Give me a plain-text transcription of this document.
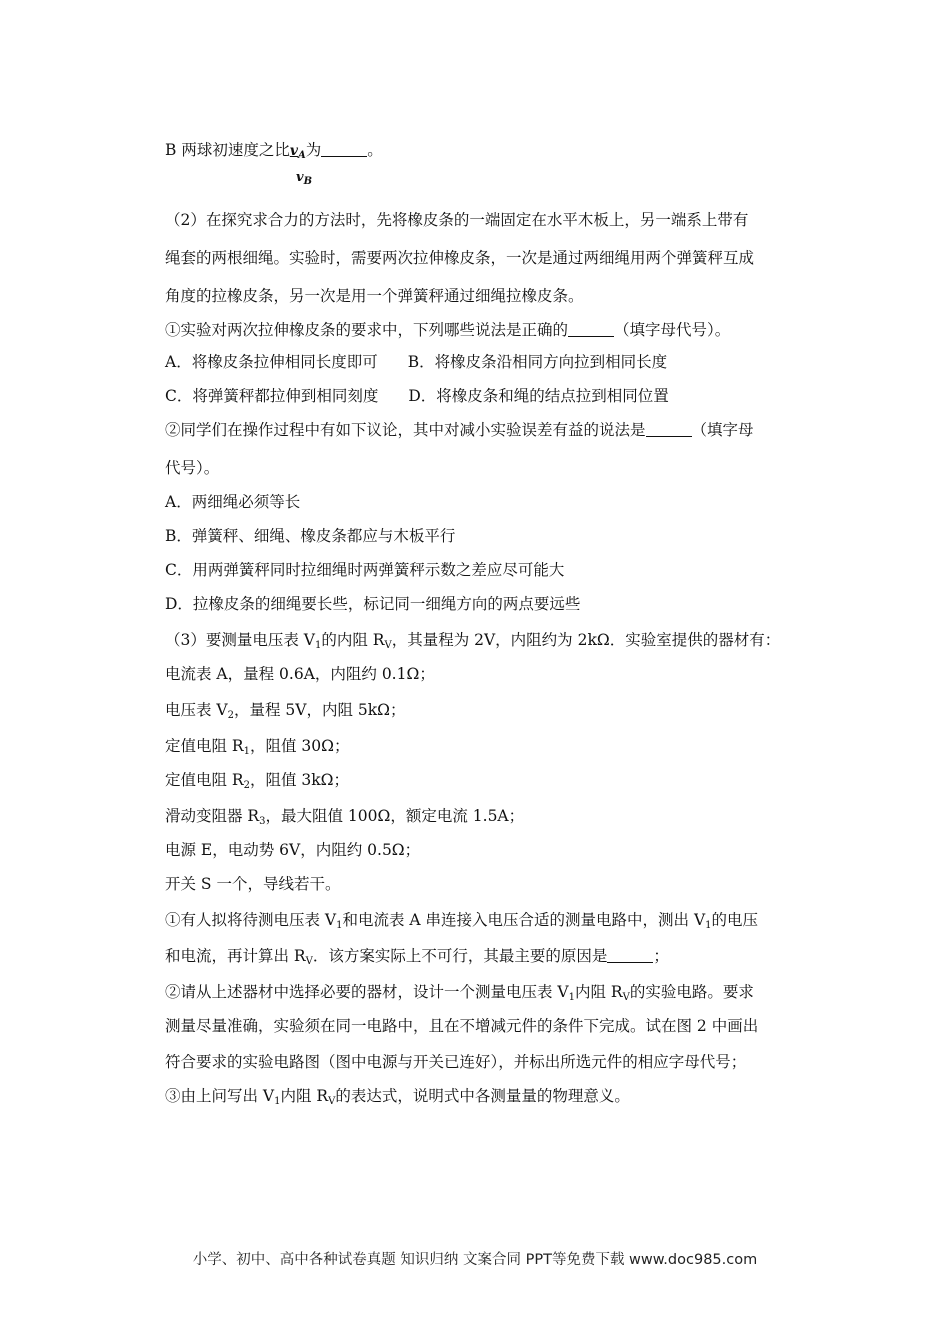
B 两球初速度之比$v_A$为	。
$v_B$
（2）在探究求合力的方法时，先将橡皮条的一端固定在水平木板上，另一端系上带有
绳套的两根细绳。实验时，需要两次拉伸橡皮条，一次是通过两细绳用两个弹簧秤互成
角度的拉橡皮条，另一次是用一个弹簧秤通过细绳拉橡皮条。
①实验对两次拉伸橡皮条的要求中，下列哪些说法是正确的	（填字母代号）。
A．将橡皮条拉伸相同长度即可 B．将橡皮条沿相同方向拉到相同长度
C．将弹簧秤都拉伸到相同刻度 D．将橡皮条和绳的结点拉到相同位置
②同学们在操作过程中有如下议论，其中对减小实验误差有益的说法是	（填字母
代号）。
A．两细绳必须等长
B．弹簧秤、细绳、橡皮条都应与木板平行
C．用两弹簧秤同时拉细绳时两弹簧秤示数之差应尽可能大
D．拉橡皮条的细绳要长些，标记同一细绳方向的两点要远些
（3）要测量电压表 $V_1$的内阻 $R_V$，其量程为 2V，内阻约为 2kΩ．实验室提供的器材有：
电流表 A，量程 0.6A，内阻约 0.1Ω；
电压表 $V_2$，量程 5V，内阻 5kΩ；
定值电阻 $R_1$，阻值 30Ω；
定值电阻 $R_2$，阻值 3kΩ；
滑动变阻器 $R_3$，最大阻值 100Ω，额定电流 1.5A；
电源 E，电动势 6V，内阻约 0.5Ω；
开关 S 一个，导线若干。
①有人拟将待测电压表 $V_1$和电流表 A 串连接入电压合适的测量电路中，测出 $V_1$的电压
和电流，再计算出 $R_V$．该方案实际上不可行，其最主要的原因是	；
②请从上述器材中选择必要的器材，设计一个测量电压表 $V_1$内阻 $R_V$的实验电路。要求
测量尽量准确，实验须在同一电路中，且在不增减元件的条件下完成。试在图 2 中画出
符合要求的实验电路图（图中电源与开关已连好），并标出所选元件的相应字母代号；
③由上问写出 $V_1$内阻 $R_V$的表达式，说明式中各测量量的物理意义。
小学、初中、高中各种试卷真题 知识归纳 文案合同 PPT等免费下载 www.doc985.com
